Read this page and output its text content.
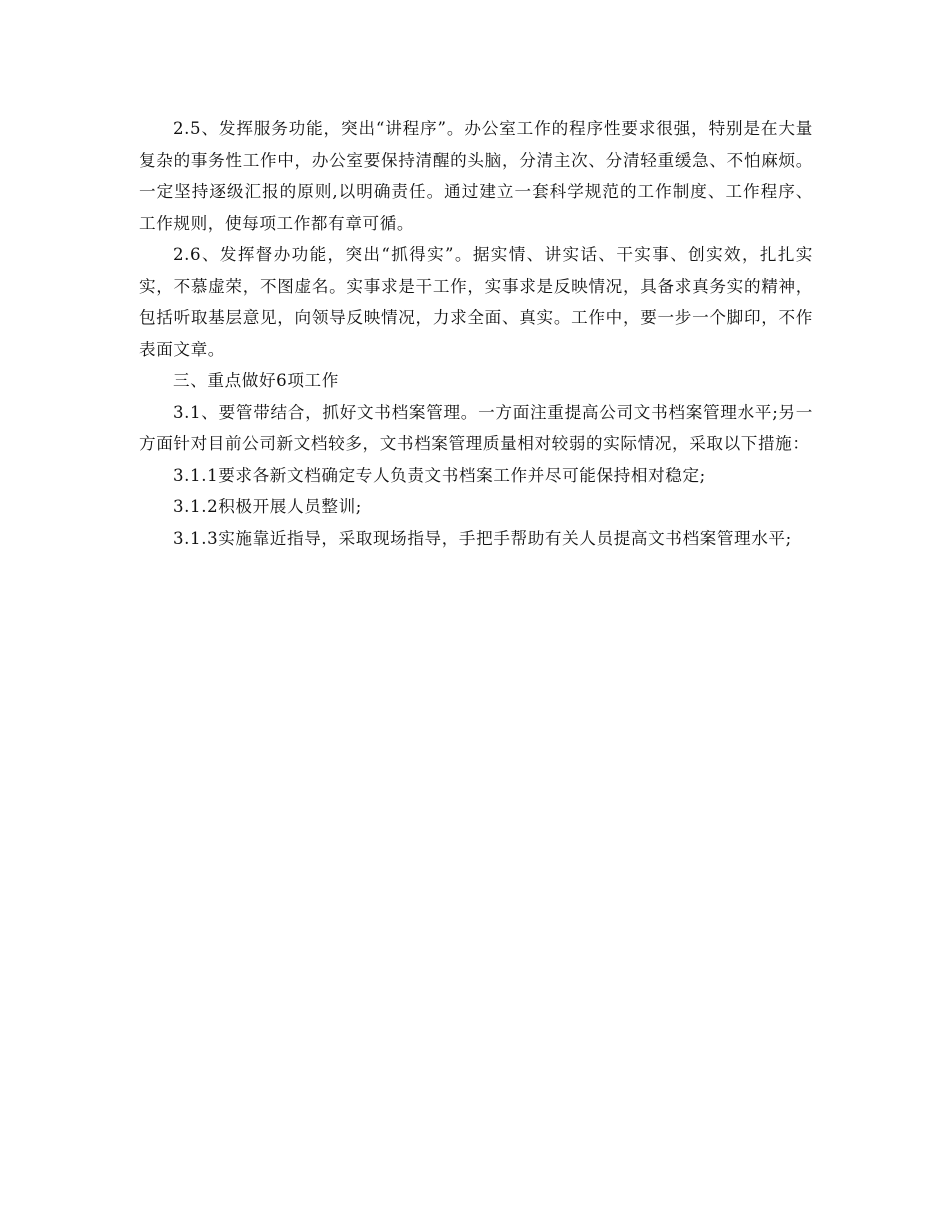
2.5、发挥服务功能，突出“讲程序”。办公室工作的程序性要求很强，特别是在大量复杂的事务性工作中，办公室要保持清醒的头脑，分清主次、分清轻重缓急、不怕麻烦。一定坚持逐级汇报的原则,以明确责任。通过建立一套科学规范的工作制度、工作程序、工作规则，使每项工作都有章可循。

2.6、发挥督办功能，突出“抓得实”。据实情、讲实话、干实事、创实效，扎扎实实，不慕虚荣，不图虚名。实事求是干工作，实事求是反映情况，具备求真务实的精神，包括听取基层意见，向领导反映情况，力求全面、真实。工作中，要一步一个脚印，不作表面文章。

三、重点做好6项工作

3.1、要管带结合，抓好文书档案管理。一方面注重提高公司文书档案管理水平;另一方面针对目前公司新文档较多，文书档案管理质量相对较弱的实际情况，采取以下措施：

3.1.1要求各新文档确定专人负责文书档案工作并尽可能保持相对稳定;

3.1.2积极开展人员整训;

3.1.3实施靠近指导，采取现场指导，手把手帮助有关人员提高文书档案管理水平;
